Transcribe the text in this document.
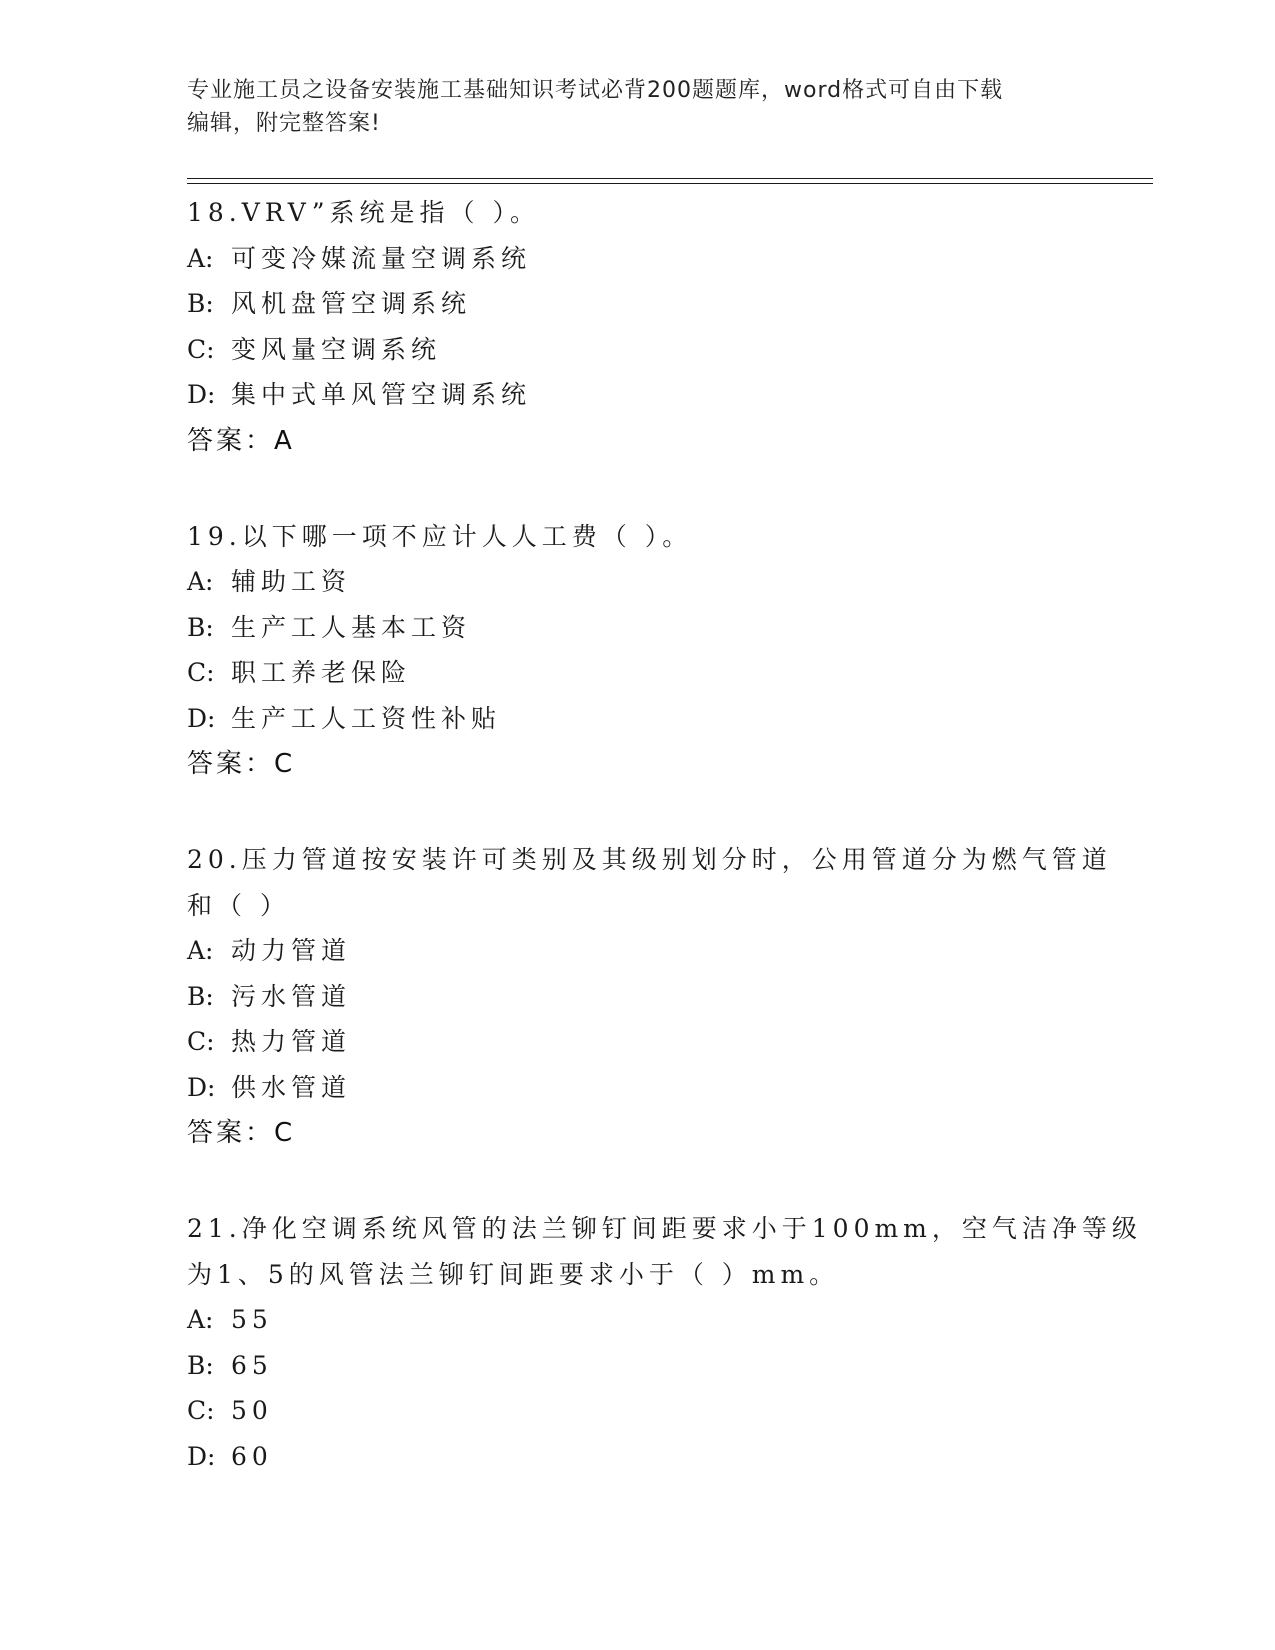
专业施工员之设备安装施工基础知识考试必背200题题库，word格式可自由下载
编辑，附完整答案!
18.VRV”系统是指（ ）。
A: 可变冷媒流量空调系统
B: 风机盘管空调系统
C: 变风量空调系统
D: 集中式单风管空调系统
答案：A
19.以下哪一项不应计人人工费（ ）。
A: 辅助工资
B: 生产工人基本工资
C: 职工养老保险
D: 生产工人工资性补贴
答案：C
20.压力管道按安装许可类别及其级别划分时，公用管道分为燃气管道
和（ ）
A: 动力管道
B: 污水管道
C: 热力管道
D: 供水管道
答案：C
21.净化空调系统风管的法兰铆钉间距要求小于100mm，空气洁净等级
为1、5的风管法兰铆钉间距要求小于（ ）mm。
A: 55
B: 65
C: 50
D: 60
